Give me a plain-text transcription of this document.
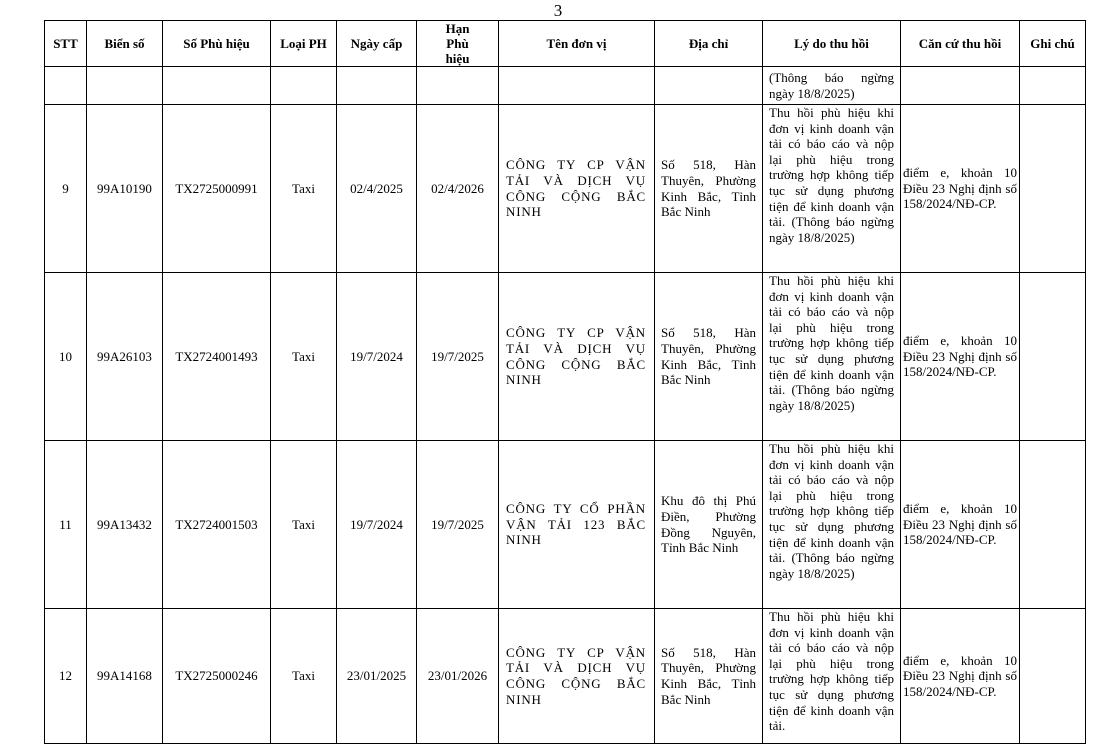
3
STT	Biển số	Số Phù hiệu	Loại PH	Ngày cấp	Hạn Phù hiệu	Tên đơn vị	Địa chỉ	Lý do thu hồi	Căn cứ thu hồi	Ghi chú
								(Thông báo ngừng ngày 18/8/2025)		
9	99A10190	TX2725000991	Taxi	02/4/2025	02/4/2026	CÔNG TY CP VẬN TẢI VÀ DỊCH VỤ CÔNG CỘNG BẮC NINH	Số 518, Hàn Thuyên, Phường Kinh Bắc, Tỉnh Bắc Ninh	Thu hồi phù hiệu khi đơn vị kinh doanh vận tải có báo cáo và nộp lại phù hiệu trong trường hợp không tiếp tục sử dụng phương tiện để kinh doanh vận tải. (Thông báo ngừng ngày 18/8/2025)	điểm e, khoản 10 Điều 23 Nghị định số 158/2024/NĐ-CP.	
10	99A26103	TX2724001493	Taxi	19/7/2024	19/7/2025	CÔNG TY CP VẬN TẢI VÀ DỊCH VỤ CÔNG CỘNG BẮC NINH	Số 518, Hàn Thuyên, Phường Kinh Bắc, Tỉnh Bắc Ninh	Thu hồi phù hiệu khi đơn vị kinh doanh vận tải có báo cáo và nộp lại phù hiệu trong trường hợp không tiếp tục sử dụng phương tiện để kinh doanh vận tải. (Thông báo ngừng ngày 18/8/2025)	điểm e, khoản 10 Điều 23 Nghị định số 158/2024/NĐ-CP.	
11	99A13432	TX2724001503	Taxi	19/7/2024	19/7/2025	CÔNG TY CỔ PHẦN VẬN TẢI 123 BẮC NINH	Khu đô thị Phú Điền, Phường Đồng Nguyên, Tỉnh Bắc Ninh	Thu hồi phù hiệu khi đơn vị kinh doanh vận tải có báo cáo và nộp lại phù hiệu trong trường hợp không tiếp tục sử dụng phương tiện để kinh doanh vận tải. (Thông báo ngừng ngày 18/8/2025)	điểm e, khoản 10 Điều 23 Nghị định số 158/2024/NĐ-CP.	
12	99A14168	TX2725000246	Taxi	23/01/2025	23/01/2026	CÔNG TY CP VẬN TẢI VÀ DỊCH VỤ CÔNG CỘNG BẮC NINH	Số 518, Hàn Thuyên, Phường Kinh Bắc, Tỉnh Bắc Ninh	Thu hồi phù hiệu khi đơn vị kinh doanh vận tải có báo cáo và nộp lại phù hiệu trong trường hợp không tiếp tục sử dụng phương tiện để kinh doanh vận tải.	điểm e, khoản 10 Điều 23 Nghị định số 158/2024/NĐ-CP.	
